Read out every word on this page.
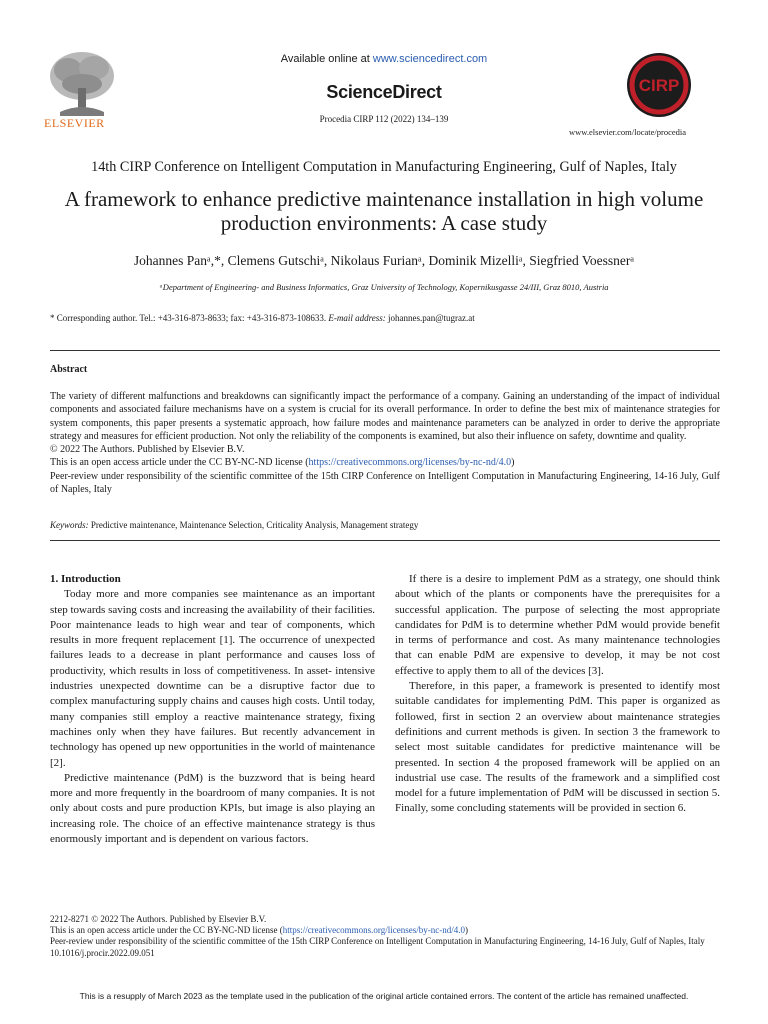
Available online at www.sciencedirect.com
ScienceDirect
Procedia CIRP 112 (2022) 134–139
www.elsevier.com/locate/procedia
ELSEVIER
CIRP
14th CIRP Conference on Intelligent Computation in Manufacturing Engineering, Gulf of Naples, Italy
A framework to enhance predictive maintenance installation in high volume production environments: A case study
Johannes Panᵃ,*, Clemens Gutschiᵃ, Nikolaus Furianᵃ, Dominik Mizelliᵃ, Siegfried Voessnerᵃ
ᵃDepartment of Engineering- and Business Informatics, Graz University of Technology, Kopernikusgasse 24/III, Graz 8010, Austria
* Corresponding author. Tel.: +43-316-873-8633; fax: +43-316-873-108633. E-mail address: johannes.pan@tugraz.at
Abstract

The variety of different malfunctions and breakdowns can significantly impact the performance of a company. Gaining an understanding of the impact of individual components and associated failure mechanisms have on a system is crucial for its overall performance. In order to define the best mix of maintenance strategies for system components, this paper presents a systematic approach, how failure modes and maintenance parameters can be analyzed in order to derive the appropriate strategy and measures for efficient production. Not only the reliability of the components is examined, but also their influence on safety, downtime and quality.

© 2022 The Authors. Published by Elsevier B.V.

This is an open access article under the CC BY-NC-ND license (https://creativecommons.org/licenses/by-nc-nd/4.0)

Peer-review under responsibility of the scientific committee of the 15th CIRP Conference on Intelligent Computation in Manufacturing Engineering, 14-16 July, Gulf of Naples, Italy

Keywords: Predictive maintenance, Maintenance Selection, Criticality Analysis, Management strategy

1. Introduction

Today more and more companies see maintenance as an important step towards saving costs and increasing the availability of their facilities. Poor maintenance leads to high wear and tear of components, which results in more frequent replacement [1]. The occurrence of unexpected failures leads to a decrease in plant performance and causes loss of productivity, which results in loss of competitiveness. In asset- intensive industries unexpected downtime can be a disruptive factor due to complex manufacturing supply chains and causes high costs. Until today, many companies still employ a reactive maintenance strategy, fixing machines only when they have failures. But recently advancement in technology has opened up new opportunities in the world of maintenance [2].

Predictive maintenance (PdM) is the buzzword that is being heard more and more frequently in the boardroom of many companies. It is not only about costs and pure production KPIs, but image is also playing an increasing role. The choice of an effective maintenance strategy is thus enormously important and is dependent on various factors.

If there is a desire to implement PdM as a strategy, one should think about which of the plants or components have the prerequisites for a successful application. The purpose of selecting the most appropriate candidates for PdM is to determine whether PdM would provide benefit in terms of performance and cost. As many maintenance technologies that can enable PdM are expensive to develop, it may be not cost effective to apply them to all of the devices [3].

Therefore, in this paper, a framework is presented to identify most suitable candidates for implementing PdM. This paper is organized as followed, first in section 2 an overview about maintenance strategies definitions and current methods is given. In section 3 the framework to select most suitable candidates for predictive maintenance will be presented. In section 4 the proposed framework will be applied on an industrial use case. The results of the framework and a simplified cost model for a future implementation of PdM will be discussed in section 5. Finally, some concluding statements will be provided in section 6.

2212-8271 © 2022 The Authors. Published by Elsevier B.V.
This is an open access article under the CC BY-NC-ND license (https://creativecommons.org/licenses/by-nc-nd/4.0)
Peer-review under responsibility of the scientific committee of the 15th CIRP Conference on Intelligent Computation in Manufacturing Engineering, 14-16 July, Gulf of Naples, Italy
10.1016/j.procir.2022.09.051
This is a resupply of March 2023 as the template used in the publication of the original article contained errors. The content of the article has remained unaffected.
